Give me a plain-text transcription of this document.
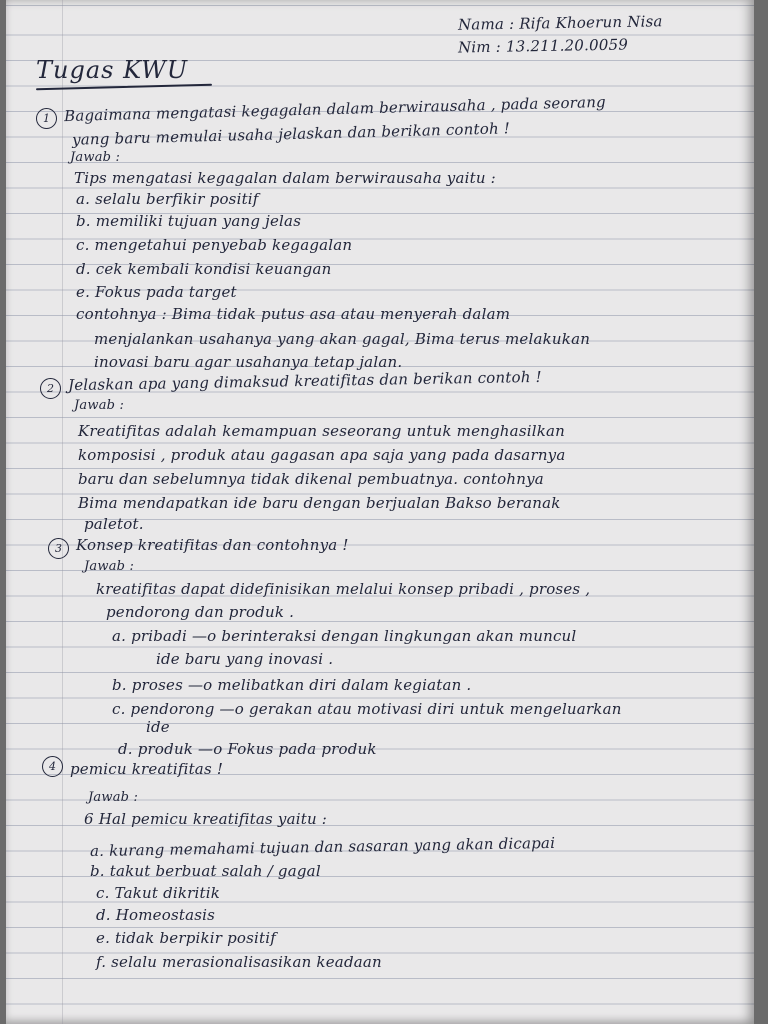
Nama : Rifa Khoerun Nisa
Nim : 13.211.20.0059
Tugas KWU
1 Bagaimana mengatasi kegagalan dalam berwirausaha , pada seorang
yang baru memulai usaha jelaskan dan berikan contoh !
Jawab :
Tips mengatasi kegagalan dalam berwirausaha yaitu :
a. selalu berfikir positif
b. memiliki tujuan yang jelas
c. mengetahui penyebab kegagalan
d. cek kembali kondisi keuangan
e. Fokus pada target
contohnya : Bima tidak putus asa atau menyerah dalam
menjalankan usahanya yang akan gagal, Bima terus melakukan
inovasi baru agar usahanya tetap jalan.
2 Jelaskan apa yang dimaksud kreatifitas dan berikan contoh !
Jawab :
Kreatifitas adalah kemampuan seseorang untuk menghasilkan
komposisi , produk atau gagasan apa saja yang pada dasarnya
baru dan sebelumnya tidak dikenal pembuatnya. contohnya
Bima mendapatkan ide baru dengan berjualan Bakso beranak
paletot.
3 Konsep kreatifitas dan contohnya !
Jawab :
kreatifitas dapat didefinisikan melalui konsep pribadi , proses ,
pendorong dan produk .
a. pribadi —o berinteraksi dengan lingkungan akan muncul
ide baru yang inovasi .
b. proses —o melibatkan diri dalam kegiatan .
c. pendorong —o gerakan atau motivasi diri untuk mengeluarkan
ide
d. produk —o Fokus pada produk
4 pemicu kreatifitas !
Jawab :
6 Hal pemicu kreatifitas yaitu :
a. kurang memahami tujuan dan sasaran yang akan dicapai
b. takut berbuat salah / gagal
c. Takut dikritik
d. Homeostasis
e. tidak berpikir positif
f. selalu merasionalisasikan keadaan
